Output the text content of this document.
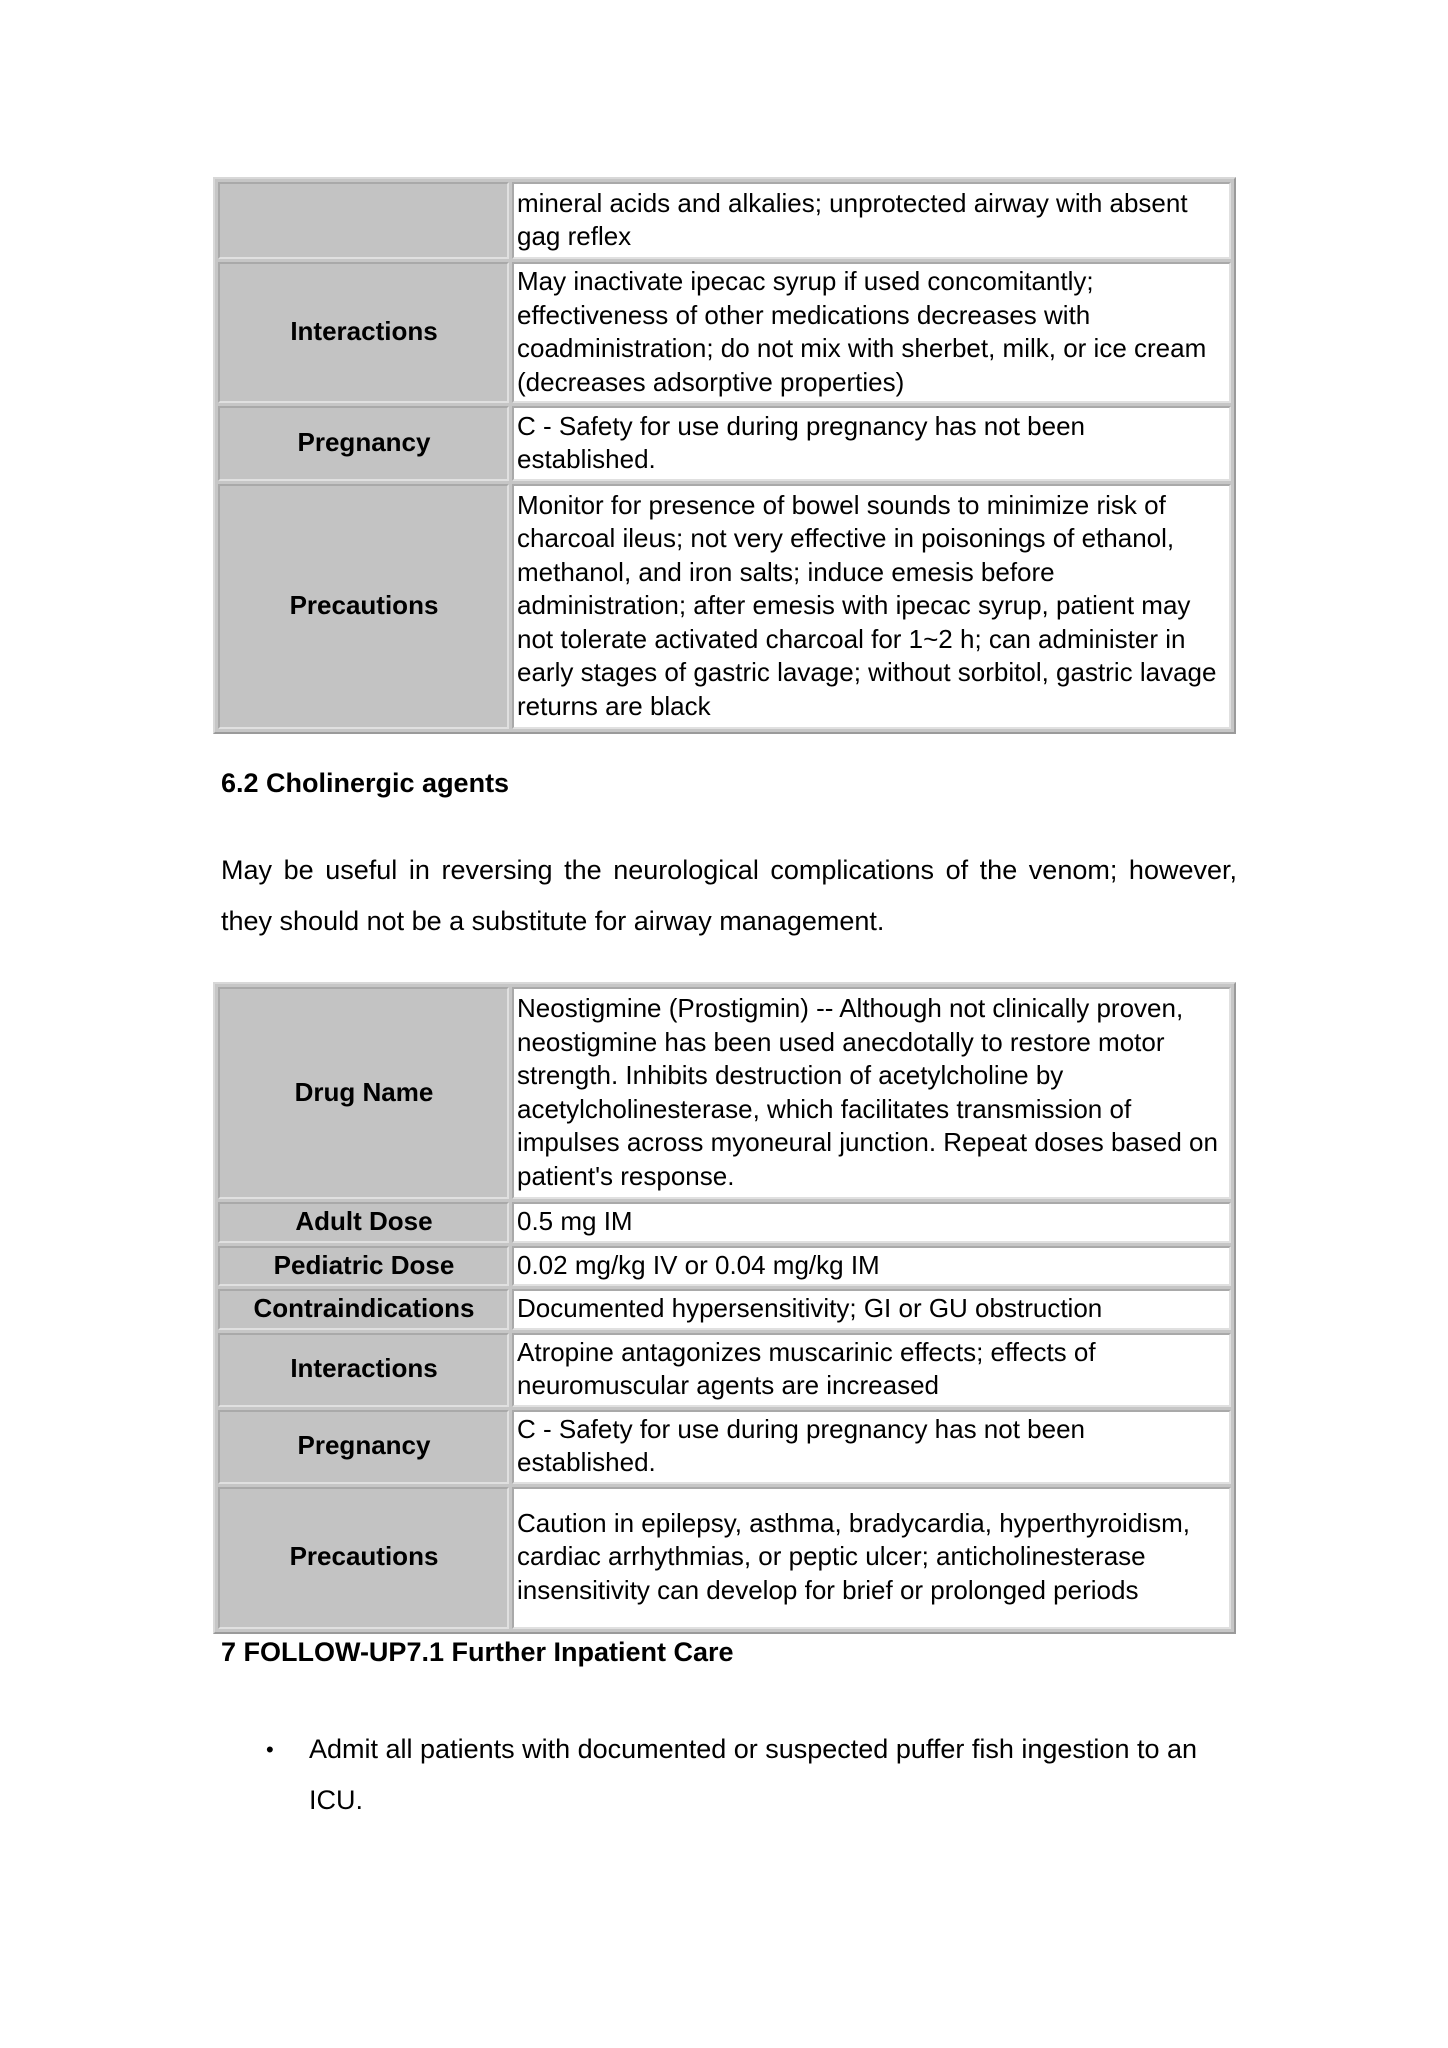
	mineral acids and alkalies; unprotected airway with absent gag reflex
Interactions	May inactivate ipecac syrup if used concomitantly; effectiveness of other medications decreases with coadministration; do not mix with sherbet, milk, or ice cream (decreases adsorptive properties)
Pregnancy	C - Safety for use during pregnancy has not been established.
Precautions	Monitor for presence of bowel sounds to minimize risk of charcoal ileus; not very effective in poisonings of ethanol, methanol, and iron salts; induce emesis before administration; after emesis with ipecac syrup, patient may not tolerate activated charcoal for 1~2 h; can administer in early stages of gastric lavage; without sorbitol, gastric lavage returns are black
6.2 Cholinergic agents

May be useful in reversing the neurological complications of the venom; however, they should not be a substitute for airway management.

Drug Name	Neostigmine (Prostigmin) -- Although not clinically proven, neostigmine has been used anecdotally to restore motor strength. Inhibits destruction of acetylcholine by acetylcholinesterase, which facilitates transmission of impulses across myoneural junction. Repeat doses based on patient's response.
Adult Dose	0.5 mg IM
Pediatric Dose	0.02 mg/kg IV or 0.04 mg/kg IM
Contraindications	Documented hypersensitivity; GI or GU obstruction
Interactions	Atropine antagonizes muscarinic effects; effects of neuromuscular agents are increased
Pregnancy	C - Safety for use during pregnancy has not been established.
Precautions	Caution in epilepsy, asthma, bradycardia, hyperthyroidism, cardiac arrhythmias, or peptic ulcer; anticholinesterase insensitivity can develop for brief or prolonged periods
7 FOLLOW-UP7.1 Further Inpatient Care
• Admit all patients with documented or suspected puffer fish ingestion to an ICU.
